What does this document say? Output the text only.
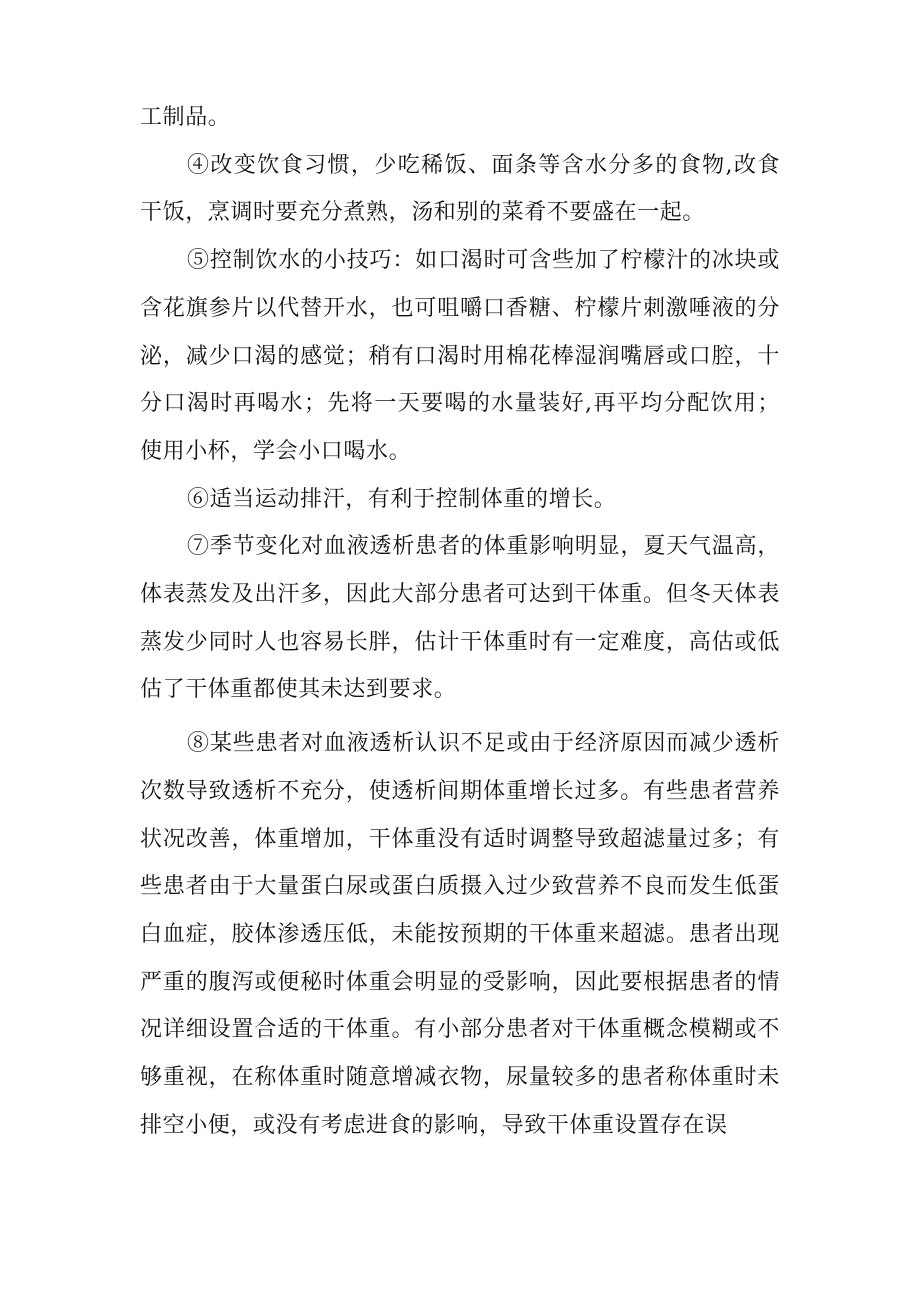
工制品。

④改变饮食习惯，少吃稀饭、面条等含水分多的食物,改食干饭，烹调时要充分煮熟，汤和别的菜肴不要盛在一起。

⑤控制饮水的小技巧：如口渴时可含些加了柠檬汁的冰块或含花旗参片以代替开水，也可咀嚼口香糖、柠檬片刺激唾液的分泌，减少口渴的感觉；稍有口渴时用棉花棒湿润嘴唇或口腔，十分口渴时再喝水；先将一天要喝的水量装好,再平均分配饮用；使用小杯，学会小口喝水。

⑥适当运动排汗，有利于控制体重的增长。

⑦季节变化对血液透析患者的体重影响明显，夏天气温高，体表蒸发及出汗多，因此大部分患者可达到干体重。但冬天体表蒸发少同时人也容易长胖，估计干体重时有一定难度，高估或低估了干体重都使其未达到要求。

⑧某些患者对血液透析认识不足或由于经济原因而减少透析次数导致透析不充分，使透析间期体重增长过多。有些患者营养状况改善，体重增加，干体重没有适时调整导致超滤量过多；有些患者由于大量蛋白尿或蛋白质摄入过少致营养不良而发生低蛋白血症，胶体渗透压低，未能按预期的干体重来超滤。患者出现严重的腹泻或便秘时体重会明显的受影响，因此要根据患者的情况详细设置合适的干体重。有小部分患者对干体重概念模糊或不够重视，在称体重时随意增减衣物，尿量较多的患者称体重时未排空小便，或没有考虑进食的影响，导致干体重设置存在误
